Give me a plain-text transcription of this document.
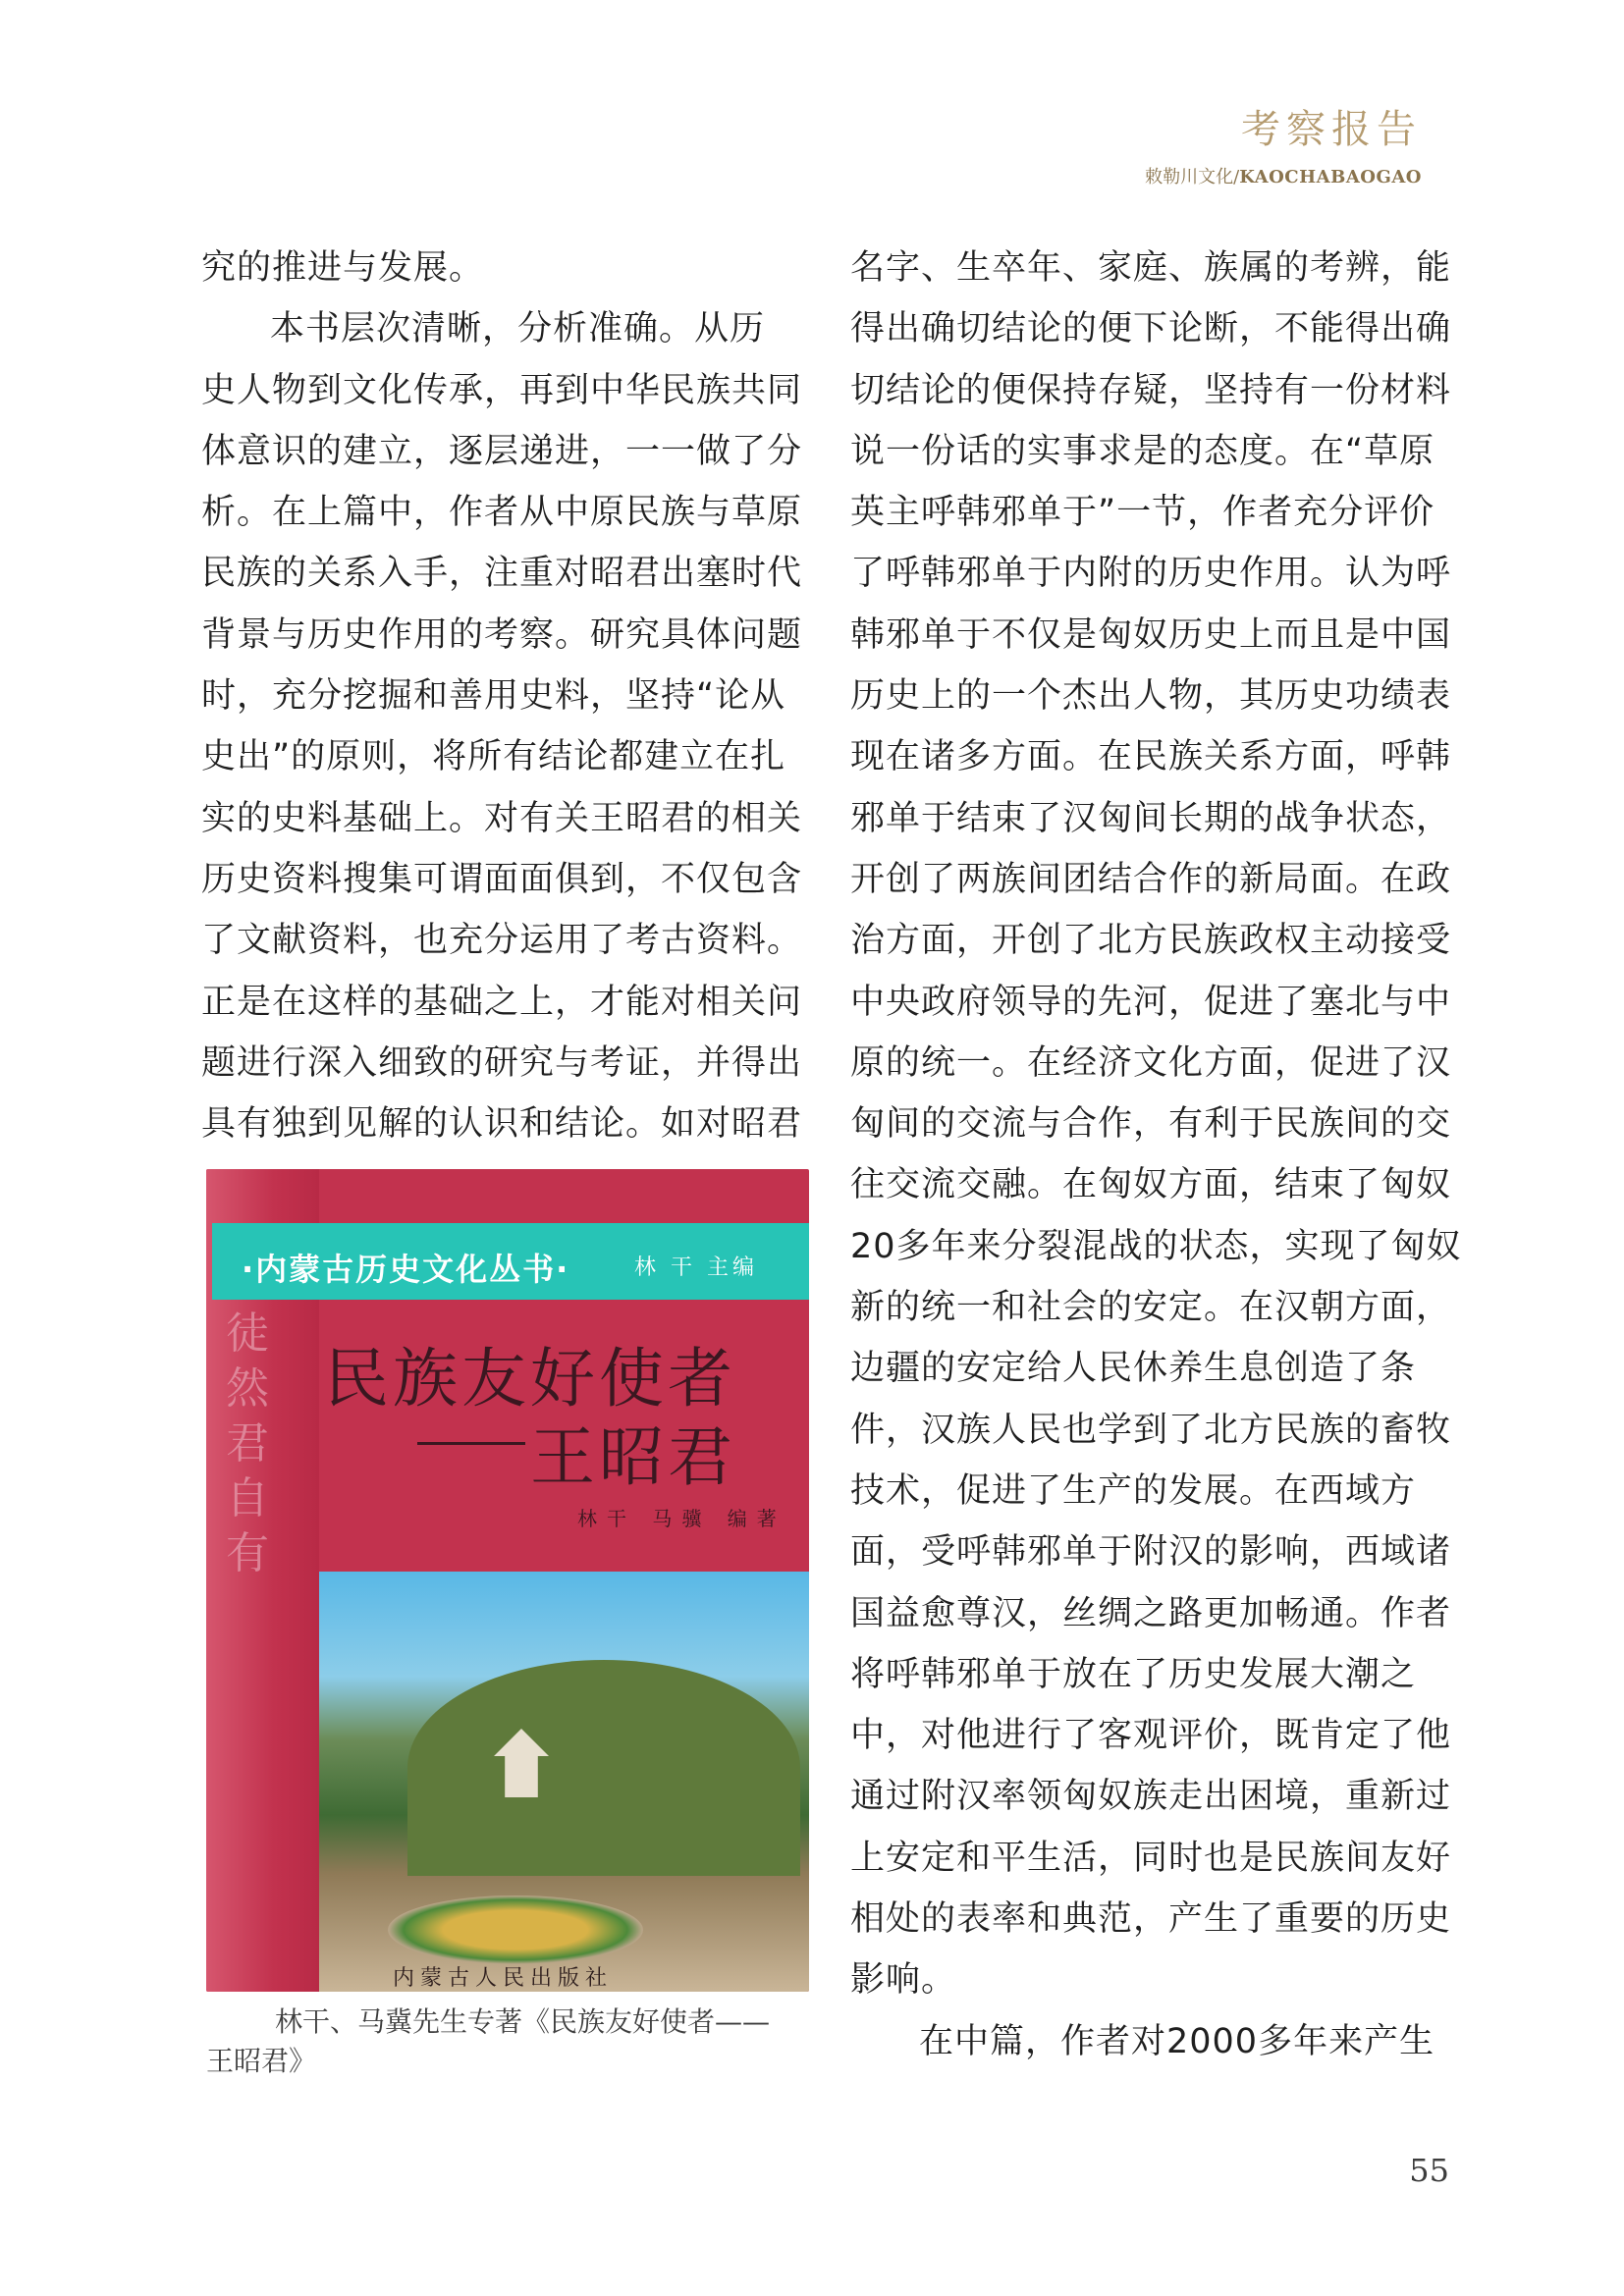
考察报告
敕勒川文化/KAOCHABAOGAO

究的推进与发展。

本书层次清晰，分析准确。从历

史人物到文化传承，再到中华民族共同

体意识的建立，逐层递进，一一做了分

析。在上篇中，作者从中原民族与草原

民族的关系入手，注重对昭君出塞时代

背景与历史作用的考察。研究具体问题

时，充分挖掘和善用史料，坚持“论从

史出”的原则，将所有结论都建立在扎

实的史料基础上。对有关王昭君的相关

历史资料搜集可谓面面俱到，不仅包含

了文献资料，也充分运用了考古资料。

正是在这样的基础之上，才能对相关问

题进行深入细致的研究与考证，并得出

具有独到见解的认识和结论。如对昭君

名字、生卒年、家庭、族属的考辨，能

得出确切结论的便下论断，不能得出确

切结论的便保持存疑，坚持有一份材料

说一份话的实事求是的态度。在“草原

英主呼韩邪单于”一节，作者充分评价

了呼韩邪单于内附的历史作用。认为呼

韩邪单于不仅是匈奴历史上而且是中国

历史上的一个杰出人物，其历史功绩表

现在诸多方面。在民族关系方面，呼韩

邪单于结束了汉匈间长期的战争状态，

开创了两族间团结合作的新局面。在政

治方面，开创了北方民族政权主动接受

中央政府领导的先河，促进了塞北与中

原的统一。在经济文化方面，促进了汉

匈间的交流与合作，有利于民族间的交

往交流交融。在匈奴方面，结束了匈奴

20多年来分裂混战的状态，实现了匈奴

新的统一和社会的安定。在汉朝方面，

边疆的安定给人民休养生息创造了条

件，汉族人民也学到了北方民族的畜牧

技术，促进了生产的发展。在西域方

面，受呼韩邪单于附汉的影响，西域诸

国益愈尊汉，丝绸之路更加畅通。作者

将呼韩邪单于放在了历史发展大潮之

中，对他进行了客观评价，既肯定了他

通过附汉率领匈奴族走出困境，重新过

上安定和平生活，同时也是民族间友好

相处的表率和典范，产生了重要的历史

影响。

在中篇，作者对2000多年来产生

徒然君自有
·内蒙古历史文化丛书·	林 干 主编
民族友好使者
王昭君
林干 马骥 编著
内蒙古人民出版社
林干、马冀先生专著《民族友好使者——
王昭君》
55
